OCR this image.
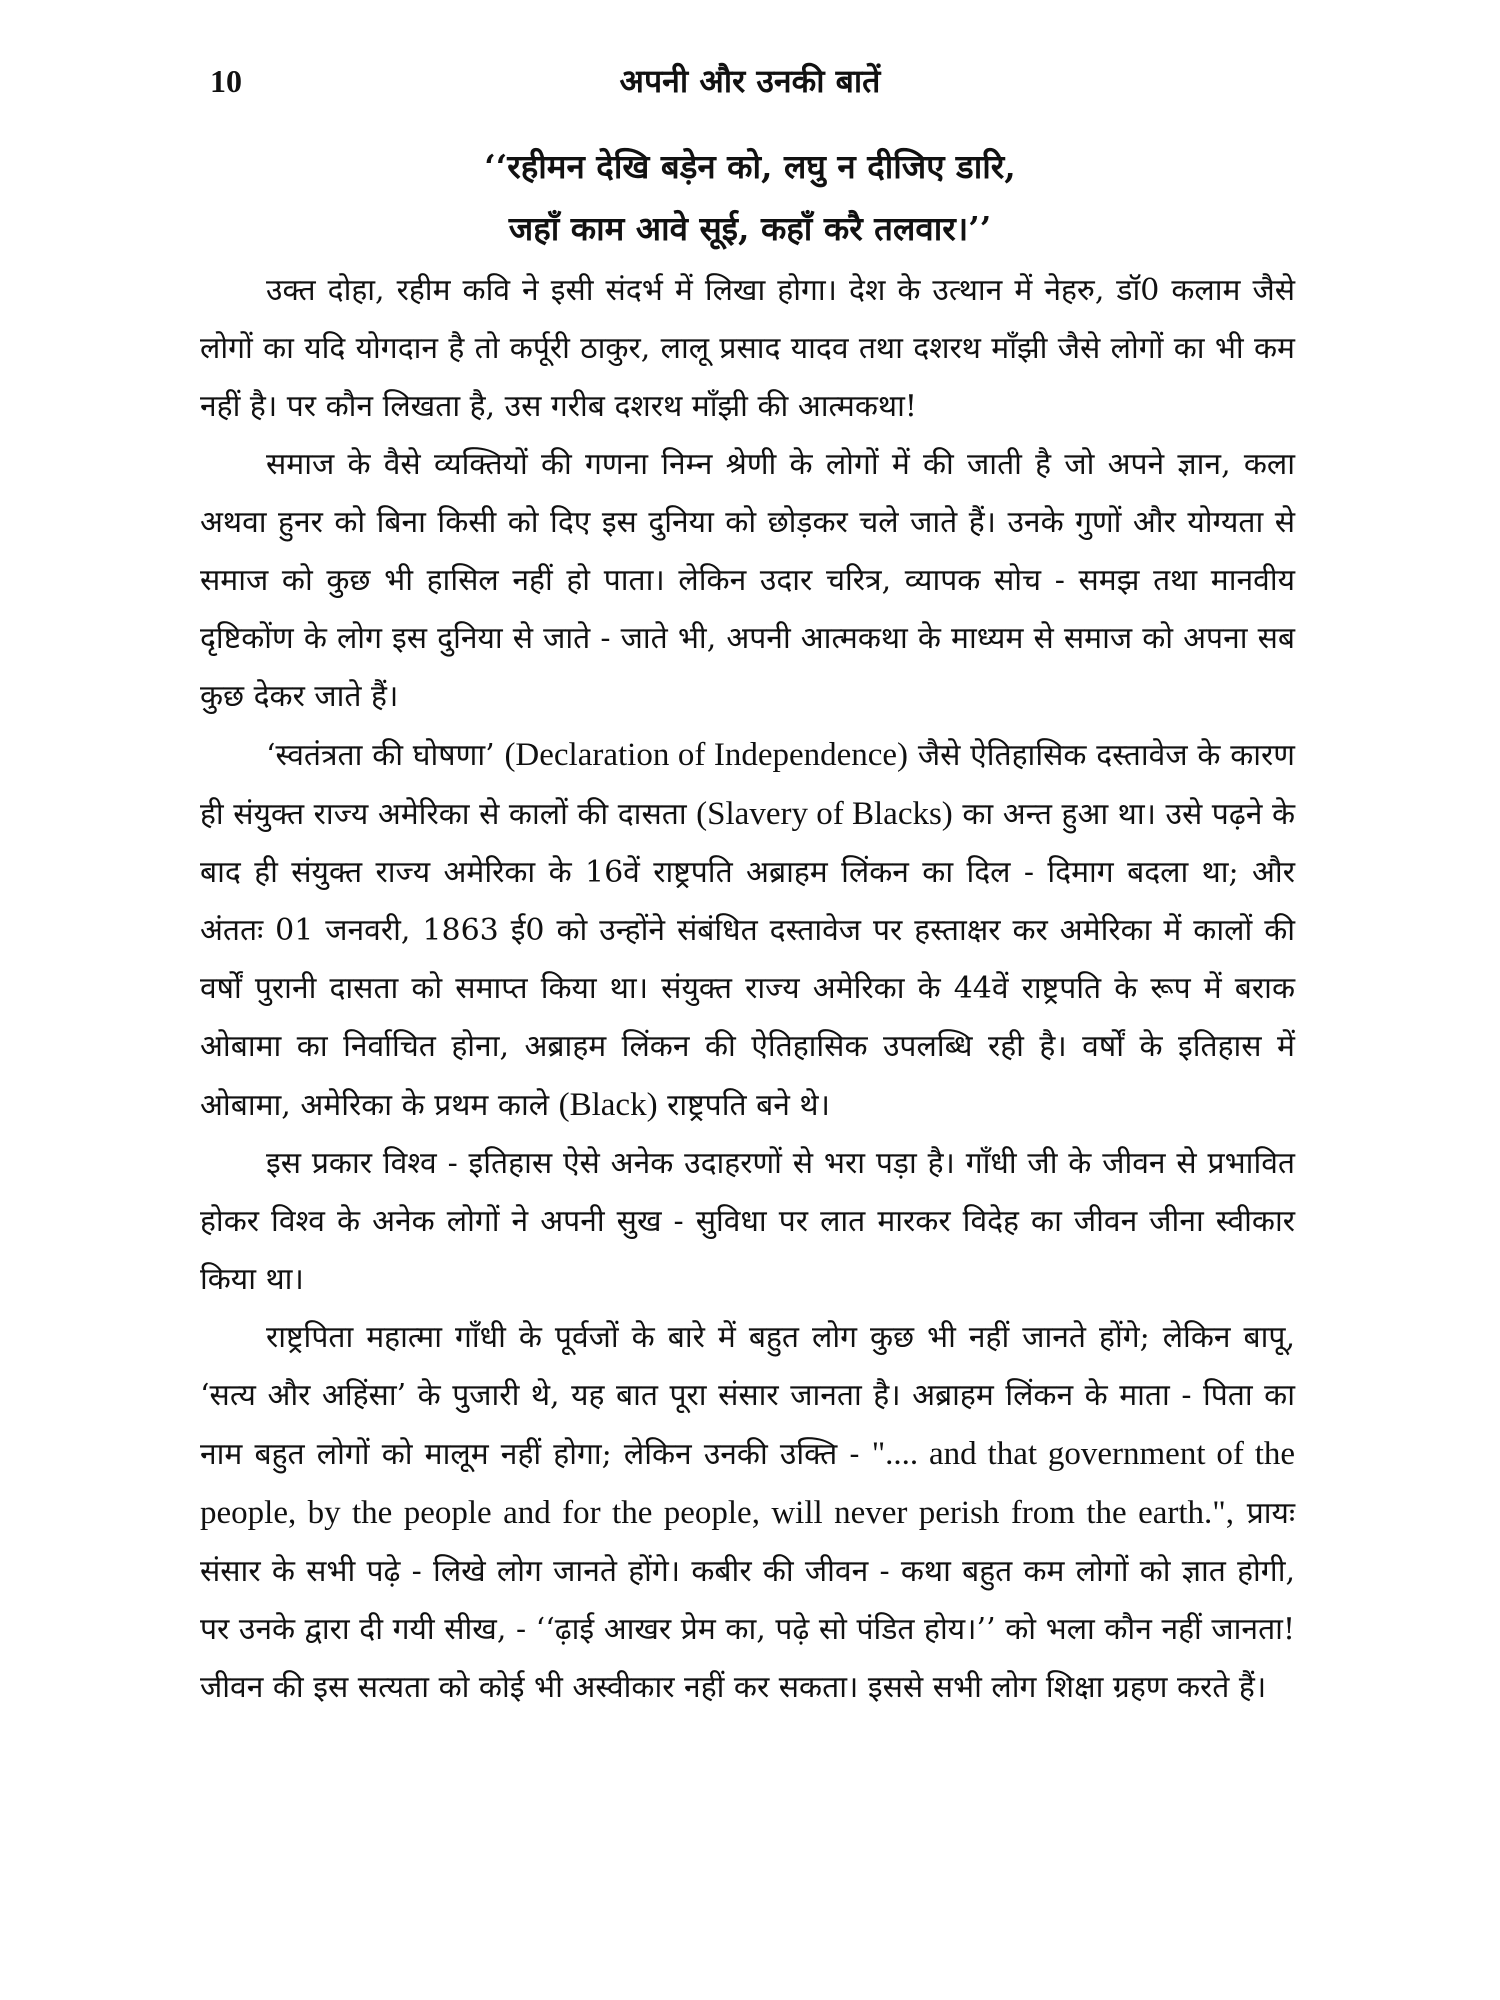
10	अपनी और उनकी बातें
‘‘रहीमन देखि बड़ेन को, लघु न दीजिए डारि,
जहाँ काम आवे सूई, कहाँ करै तलवार।’’

उक्त दोहा, रहीम कवि ने इसी संदर्भ में लिखा होगा। देश के उत्थान में नेहरु, डॉ0 कलाम जैसे लोगों का यदि योगदान है तो कर्पूरी ठाकुर, लालू प्रसाद यादव तथा दशरथ माँझी जैसे लोगों का भी कम नहीं है। पर कौन लिखता है, उस गरीब दशरथ माँझी की आत्मकथा!

समाज के वैसे व्यक्तियों की गणना निम्न श्रेणी के लोगों में की जाती है जो अपने ज्ञान, कला अथवा हुनर को बिना किसी को दिए इस दुनिया को छोड़कर चले जाते हैं। उनके गुणों और योग्यता से समाज को कुछ भी हासिल नहीं हो पाता। लेकिन उदार चरित्र, व्यापक सोच - समझ तथा मानवीय दृष्टिकोंण के लोग इस दुनिया से जाते - जाते भी, अपनी आत्मकथा के माध्यम से समाज को अपना सब कुछ देकर जाते हैं।

‘स्वतंत्रता की घोषणा’ (Declaration of Independence) जैसे ऐतिहासिक दस्तावेज के कारण ही संयुक्त राज्य अमेरिका से कालों की दासता (Slavery of Blacks) का अन्त हुआ था। उसे पढ़ने के बाद ही संयुक्त राज्य अमेरिका के 16वें राष्ट्रपति अब्राहम लिंकन का दिल - दिमाग बदला था; और अंततः 01 जनवरी, 1863 ई0 को उन्होंने संबंधित दस्तावेज पर हस्ताक्षर कर अमेरिका में कालों की वर्षों पुरानी दासता को समाप्त किया था। संयुक्त राज्य अमेरिका के 44वें राष्ट्रपति के रूप में बराक ओबामा का निर्वाचित होना, अब्राहम लिंकन की ऐतिहासिक उपलब्धि रही है। वर्षों के इतिहास में ओबामा, अमेरिका के प्रथम काले (Black) राष्ट्रपति बने थे।

इस प्रकार विश्व - इतिहास ऐसे अनेक उदाहरणों से भरा पड़ा है। गाँधी जी के जीवन से प्रभावित होकर विश्व के अनेक लोगों ने अपनी सुख - सुविधा पर लात मारकर विदेह का जीवन जीना स्वीकार किया था।

राष्ट्रपिता महात्मा गाँधी के पूर्वजों के बारे में बहुत लोग कुछ भी नहीं जानते होंगे; लेकिन बापू, ‘सत्य और अहिंसा’ के पुजारी थे, यह बात पूरा संसार जानता है। अब्राहम लिंकन के माता - पिता का नाम बहुत लोगों को मालूम नहीं होगा; लेकिन उनकी उक्ति - ".... and that government of the people, by the people and for the people, will never perish from the earth.", प्रायः संसार के सभी पढ़े - लिखे लोग जानते होंगे। कबीर की जीवन - कथा बहुत कम लोगों को ज्ञात होगी, पर उनके द्वारा दी गयी सीख, - ‘‘ढ़ाई आखर प्रेम का, पढ़े सो पंडित होय।’’ को भला कौन नहीं जानता! जीवन की इस सत्यता को कोई भी अस्वीकार नहीं कर सकता। इससे सभी लोग शिक्षा ग्रहण करते हैं।
